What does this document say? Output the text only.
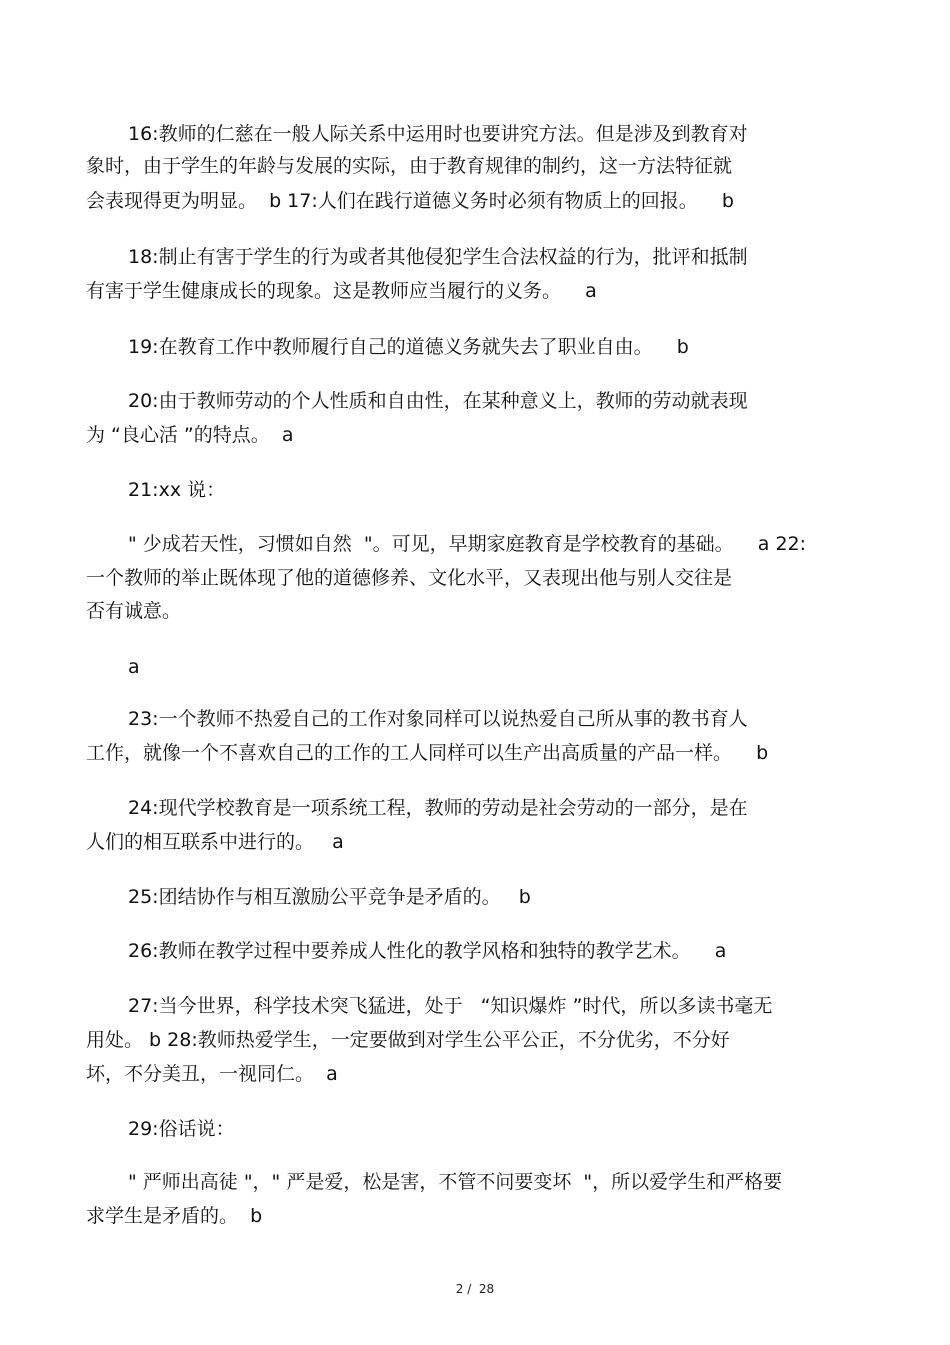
16:教师的仁慈在一般人际关系中运用时也要讲究方法。但是涉及到教育对
象时，由于学生的年龄与发展的实际，由于教育规律的制约，这一方法特征就
会表现得更为明显。  b 17:人们在践行道德义务时必须有物质上的回报。    b
18:制止有害于学生的行为或者其他侵犯学生合法权益的行为，批评和抵制
有害于学生健康成长的现象。这是教师应当履行的义务。    a
19:在教育工作中教师履行自己的道德义务就失去了职业自由。    b
20:由于教师劳动的个人性质和自由性，在某种意义上，教师的劳动就表现
为 “良心活 ”的特点。  a
21:xx 说：
" 少成若天性，习惯如自然  "。可见，早期家庭教育是学校教育的基础。    a 22:
一个教师的举止既体现了他的道德修养、文化水平，又表现出他与别人交往是
否有诚意。
a
23:一个教师不热爱自己的工作对象同样可以说热爱自己所从事的教书育人
工作，就像一个不喜欢自己的工作的工人同样可以生产出高质量的产品一样。    b
24:现代学校教育是一项系统工程，教师的劳动是社会劳动的一部分，是在
人们的相互联系中进行的。   a
25:团结协作与相互激励公平竞争是矛盾的。   b
26:教师在教学过程中要养成人性化的教学风格和独特的教学艺术。    a
27:当今世界，科学技术突飞猛进，处于   “知识爆炸 ”时代，所以多读书毫无
用处。 b 28:教师热爱学生，一定要做到对学生公平公正，不分优劣，不分好
坏，不分美丑，一视同仁。  a
29:俗话说：
" 严师出高徒 "，" 严是爱，松是害，不管不问要变坏  "，所以爱学生和严格要
求学生是矛盾的。  b
2 /  28
